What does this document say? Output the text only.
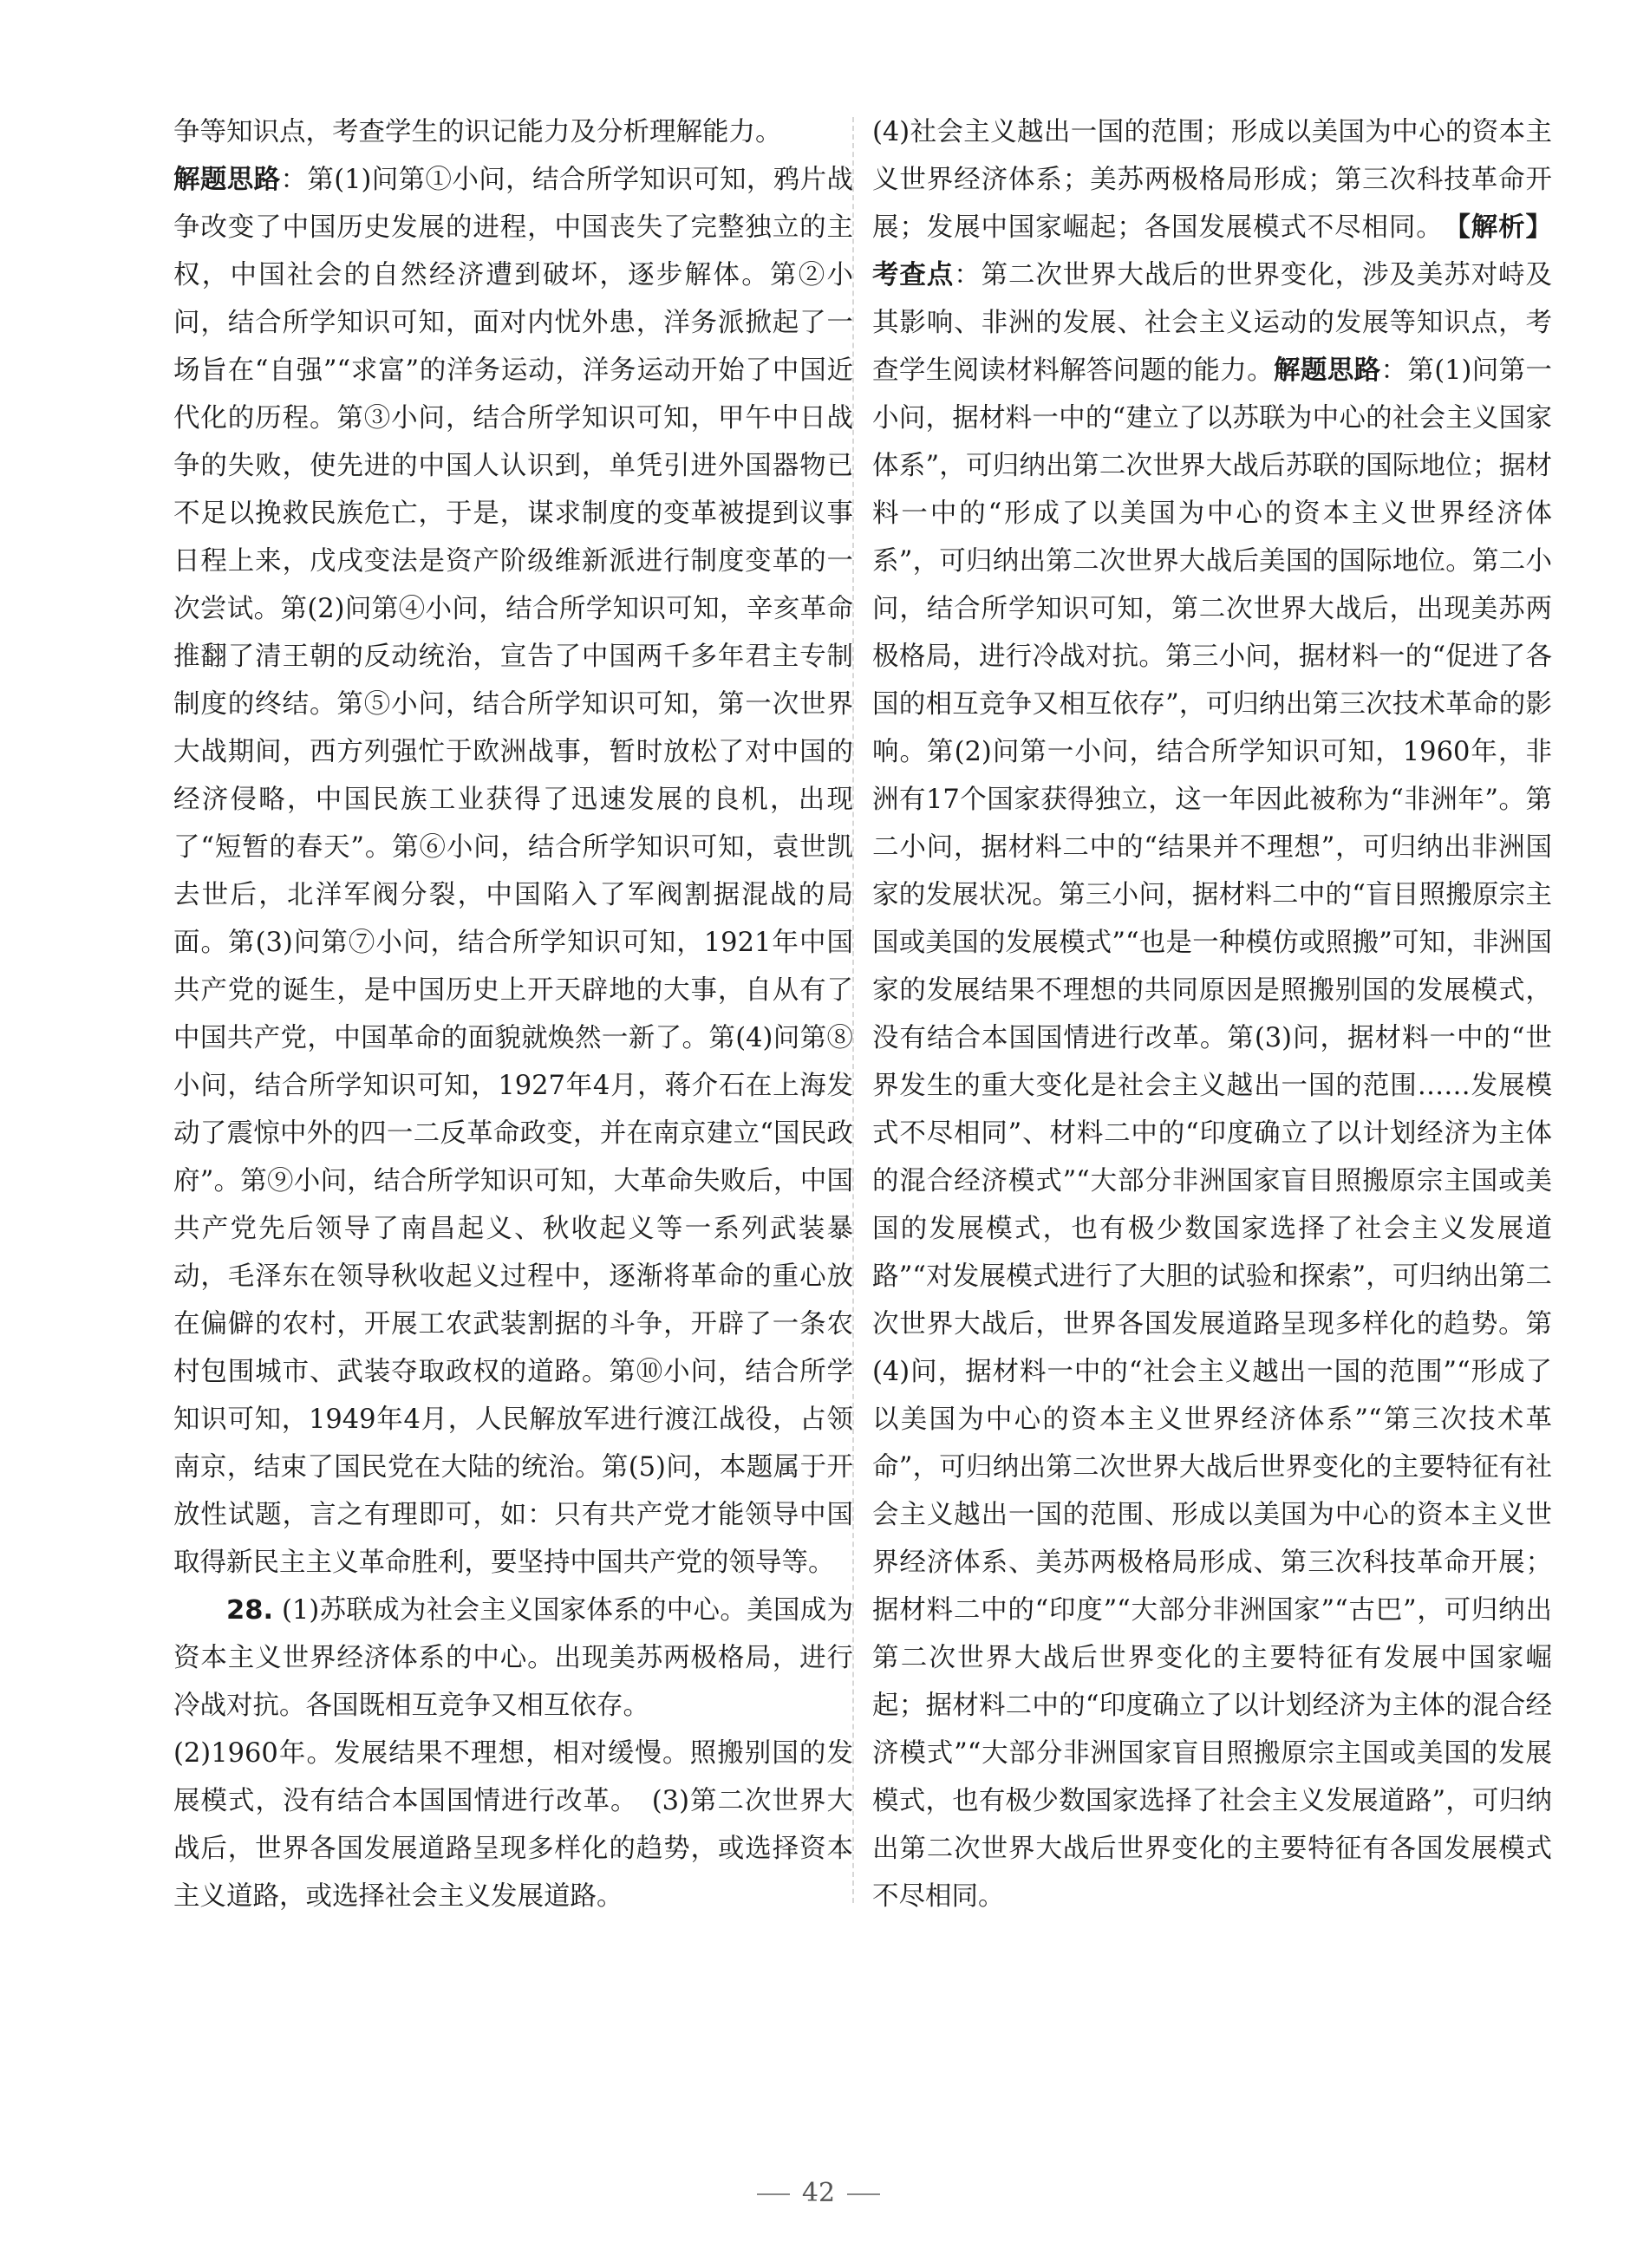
争等知识点，考查学生的识记能力及分析理解能力。

解题思路：第(1)问第①小问，结合所学知识可知，鸦片战争改变了中国历史发展的进程，中国丧失了完整独立的主权，中国社会的自然经济遭到破坏，逐步解体。第②小问，结合所学知识可知，面对内忧外患，洋务派掀起了一场旨在“自强”“求富”的洋务运动，洋务运动开始了中国近代化的历程。第③小问，结合所学知识可知，甲午中日战争的失败，使先进的中国人认识到，单凭引进外国器物已不足以挽救民族危亡，于是，谋求制度的变革被提到议事日程上来，戊戌变法是资产阶级维新派进行制度变革的一次尝试。第(2)问第④小问，结合所学知识可知，辛亥革命推翻了清王朝的反动统治，宣告了中国两千多年君主专制制度的终结。第⑤小问，结合所学知识可知，第一次世界大战期间，西方列强忙于欧洲战事，暂时放松了对中国的经济侵略，中国民族工业获得了迅速发展的良机，出现了“短暂的春天”。第⑥小问，结合所学知识可知，袁世凯去世后，北洋军阀分裂，中国陷入了军阀割据混战的局面。第(3)问第⑦小问，结合所学知识可知，1921年中国共产党的诞生，是中国历史上开天辟地的大事，自从有了中国共产党，中国革命的面貌就焕然一新了。第(4)问第⑧小问，结合所学知识可知，1927年4月，蒋介石在上海发动了震惊中外的四一二反革命政变，并在南京建立“国民政府”。第⑨小问，结合所学知识可知，大革命失败后，中国共产党先后领导了南昌起义、秋收起义等一系列武装暴动，毛泽东在领导秋收起义过程中，逐渐将革命的重心放在偏僻的农村，开展工农武装割据的斗争，开辟了一条农村包围城市、武装夺取政权的道路。第⑩小问，结合所学知识可知，1949年4月，人民解放军进行渡江战役，占领南京，结束了国民党在大陆的统治。第(5)问，本题属于开放性试题，言之有理即可，如：只有共产党才能领导中国取得新民主主义革命胜利，要坚持中国共产党的领导等。

28. (1)苏联成为社会主义国家体系的中心。美国成为资本主义世界经济体系的中心。出现美苏两极格局，进行冷战对抗。各国既相互竞争又相互依存。

(2)1960年。发展结果不理想，相对缓慢。照搬别国的发展模式，没有结合本国国情进行改革。　(3)第二次世界大战后，世界各国发展道路呈现多样化的趋势，或选择资本主义道路，或选择社会主义发展道路。

(4)社会主义越出一国的范围；形成以美国为中心的资本主义世界经济体系；美苏两极格局形成；第三次科技革命开展；发展中国家崛起；各国发展模式不尽相同。　【解析】考查点：第二次世界大战后的世界变化，涉及美苏对峙及其影响、非洲的发展、社会主义运动的发展等知识点，考查学生阅读材料解答问题的能力。解题思路：第(1)问第一小问，据材料一中的“建立了以苏联为中心的社会主义国家体系”，可归纳出第二次世界大战后苏联的国际地位；据材料一中的“形成了以美国为中心的资本主义世界经济体系”，可归纳出第二次世界大战后美国的国际地位。第二小问，结合所学知识可知，第二次世界大战后，出现美苏两极格局，进行冷战对抗。第三小问，据材料一的“促进了各国的相互竞争又相互依存”，可归纳出第三次技术革命的影响。第(2)问第一小问，结合所学知识可知，1960年，非洲有17个国家获得独立，这一年因此被称为“非洲年”。第二小问，据材料二中的“结果并不理想”，可归纳出非洲国家的发展状况。第三小问，据材料二中的“盲目照搬原宗主国或美国的发展模式”“也是一种模仿或照搬”可知，非洲国家的发展结果不理想的共同原因是照搬别国的发展模式，没有结合本国国情进行改革。第(3)问，据材料一中的“世界发生的重大变化是社会主义越出一国的范围……发展模式不尽相同”、材料二中的“印度确立了以计划经济为主体的混合经济模式”“大部分非洲国家盲目照搬原宗主国或美国的发展模式，也有极少数国家选择了社会主义发展道路”“对发展模式进行了大胆的试验和探索”，可归纳出第二次世界大战后，世界各国发展道路呈现多样化的趋势。第(4)问，据材料一中的“社会主义越出一国的范围”“形成了以美国为中心的资本主义世界经济体系”“第三次技术革命”，可归纳出第二次世界大战后世界变化的主要特征有社会主义越出一国的范围、形成以美国为中心的资本主义世界经济体系、美苏两极格局形成、第三次科技革命开展；据材料二中的“印度”“大部分非洲国家”“古巴”，可归纳出第二次世界大战后世界变化的主要特征有发展中国家崛起；据材料二中的“印度确立了以计划经济为主体的混合经济模式”“大部分非洲国家盲目照搬原宗主国或美国的发展模式，也有极少数国家选择了社会主义发展道路”，可归纳出第二次世界大战后世界变化的主要特征有各国发展模式不尽相同。

42
